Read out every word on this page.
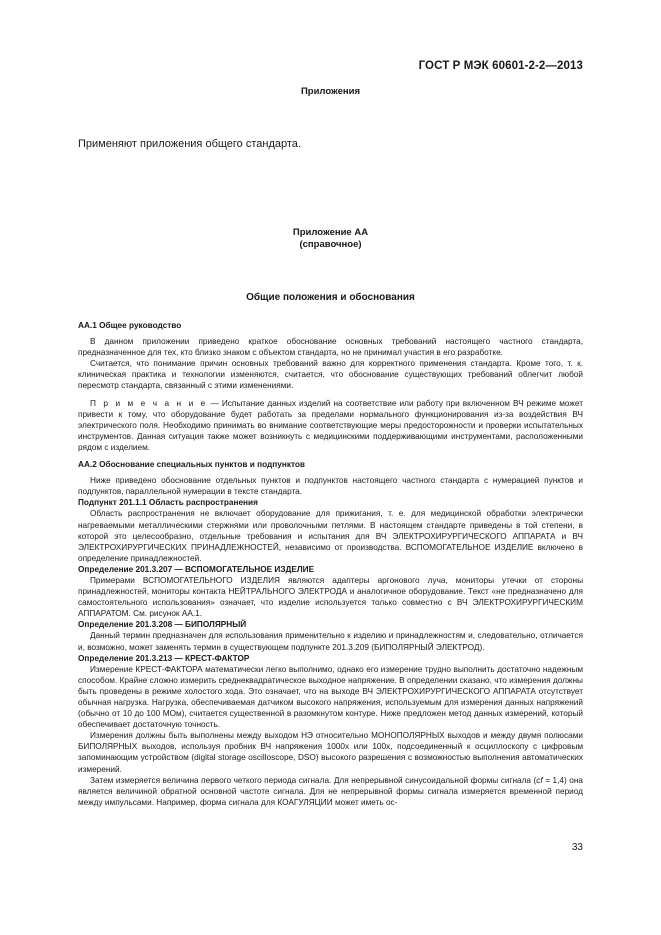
ГОСТ Р МЭК 60601-2-2—2013
Приложения
Применяют приложения общего стандарта.
Приложение АА
(справочное)
Общие положения и обоснования

АА.1 Общее руководство

В данном приложении приведено краткое обоснование основных требований настоящего частного стандарта, предназначенное для тех, кто близко знаком с объектом стандарта, но не принимал участия в его разработке.

Считается, что понимание причин основных требований важно для корректного применения стандарта. Кроме того, т. к. клиническая практика и технологии изменяются, считается, что обоснование существующих требований облегчит любой пересмотр стандарта, связанный с этими изменениями.

П р и м е ч а н и е — Испытание данных изделий на соответствие или работу при включенном ВЧ режиме может привести к тому, что оборудование будет работать за пределами нормального функционирования из-за воздействия ВЧ электрического поля. Необходимо принимать во внимание соответствующие меры предосторожности и проверки испытательных инструментов. Данная ситуация также может возникнуть с медицинскими поддерживающими инструментами, расположенными рядом с изделием.

АА.2 Обоснование специальных пунктов и подпунктов

Ниже приведено обоснование отдельных пунктов и подпунктов настоящего частного стандарта с нумерацией пунктов и подпунктов, параллельной нумерации в тексте стандарта.

Подпункт 201.1.1 Область распространения

Область распространения не включает оборудование для прижигания, т. е. для медицинской обработки электрически нагреваемыми металлическими стержнями или проволочными петлями. В настоящем стандарте приведены в той степени, в которой это целесообразно, отдельные требования и испытания для ВЧ ЭЛЕКТРОХИРУРГИЧЕСКОГО АППАРАТА и ВЧ ЭЛЕКТРОХИРУРГИЧЕСКИХ ПРИНАДЛЕЖНОСТЕЙ, независимо от производства. ВСПОМОГАТЕЛЬНОЕ ИЗДЕЛИЕ включено в определение принадлежностей.

Определение 201.3.207 — ВСПОМОГАТЕЛЬНОЕ ИЗДЕЛИЕ

Примерами ВСПОМОГАТЕЛЬНОГО ИЗДЕЛИЯ являются адаптеры аргонового луча, мониторы утечки от стороны принадлежностей, мониторы контакта НЕЙТРАЛЬНОГО ЭЛЕКТРОДА и аналогичное оборудование. Текст «не предназначено для самостоятельного использования» означает, что изделие используется только совместно с ВЧ ЭЛЕКТРОХИРУРГИЧЕСКИМ АППАРАТОМ. См. рисунок АА.1.

Определение 201.3.208 — БИПОЛЯРНЫЙ

Данный термин предназначен для использования применительно к изделию и принадлежностям и, следовательно, отличается и, возможно, может заменять термин в существующем подпункте 201.3.209 (БИПОЛЯРНЫЙ ЭЛЕКТРОД).

Определение 201.3.213 — КРЕСТ-ФАКТОР

Измерение КРЕСТ-ФАКТОРА математически легко выполнимо, однако его измерение трудно выполнить достаточно надежным способом. Крайне сложно измерить среднеквадратическое выходное напряжение. В определении сказано, что измерения должны быть проведены в режиме холостого хода. Это означает, что на выходе ВЧ ЭЛЕКТРОХИРУРГИЧЕСКОГО АППАРАТА отсутствует обычная нагрузка. Нагрузка, обеспечиваемая датчиком высокого напряжения, используемым для измерения данных напряжений (обычно от 10 до 100 МОм), считается существенной в разомкнутом контуре. Ниже предложен метод данных измерений, который обеспечивает достаточную точность.

Измерения должны быть выполнены между выходом НЭ относительно МОНОПОЛЯРНЫХ выходов и между двумя полюсами БИПОЛЯРНЫХ выходов, используя пробник ВЧ напряжения 1000x или 100x, подсоединенный к осциллоскопу с цифровым запоминающим устройством (digital storage oscilloscope, DSO) высокого разрешения с возможностью выполнения автоматических измерений.

Затем измеряется величина первого четкого периода сигнала. Для непрерывной синусоидальной формы сигнала (cf = 1,4) она является величиной обратной основной частоте сигнала. Для не непрерывной формы сигнала измеряется временной период между импульсами. Например, форма сигнала для КОАГУЛЯЦИИ может иметь ос-

33
